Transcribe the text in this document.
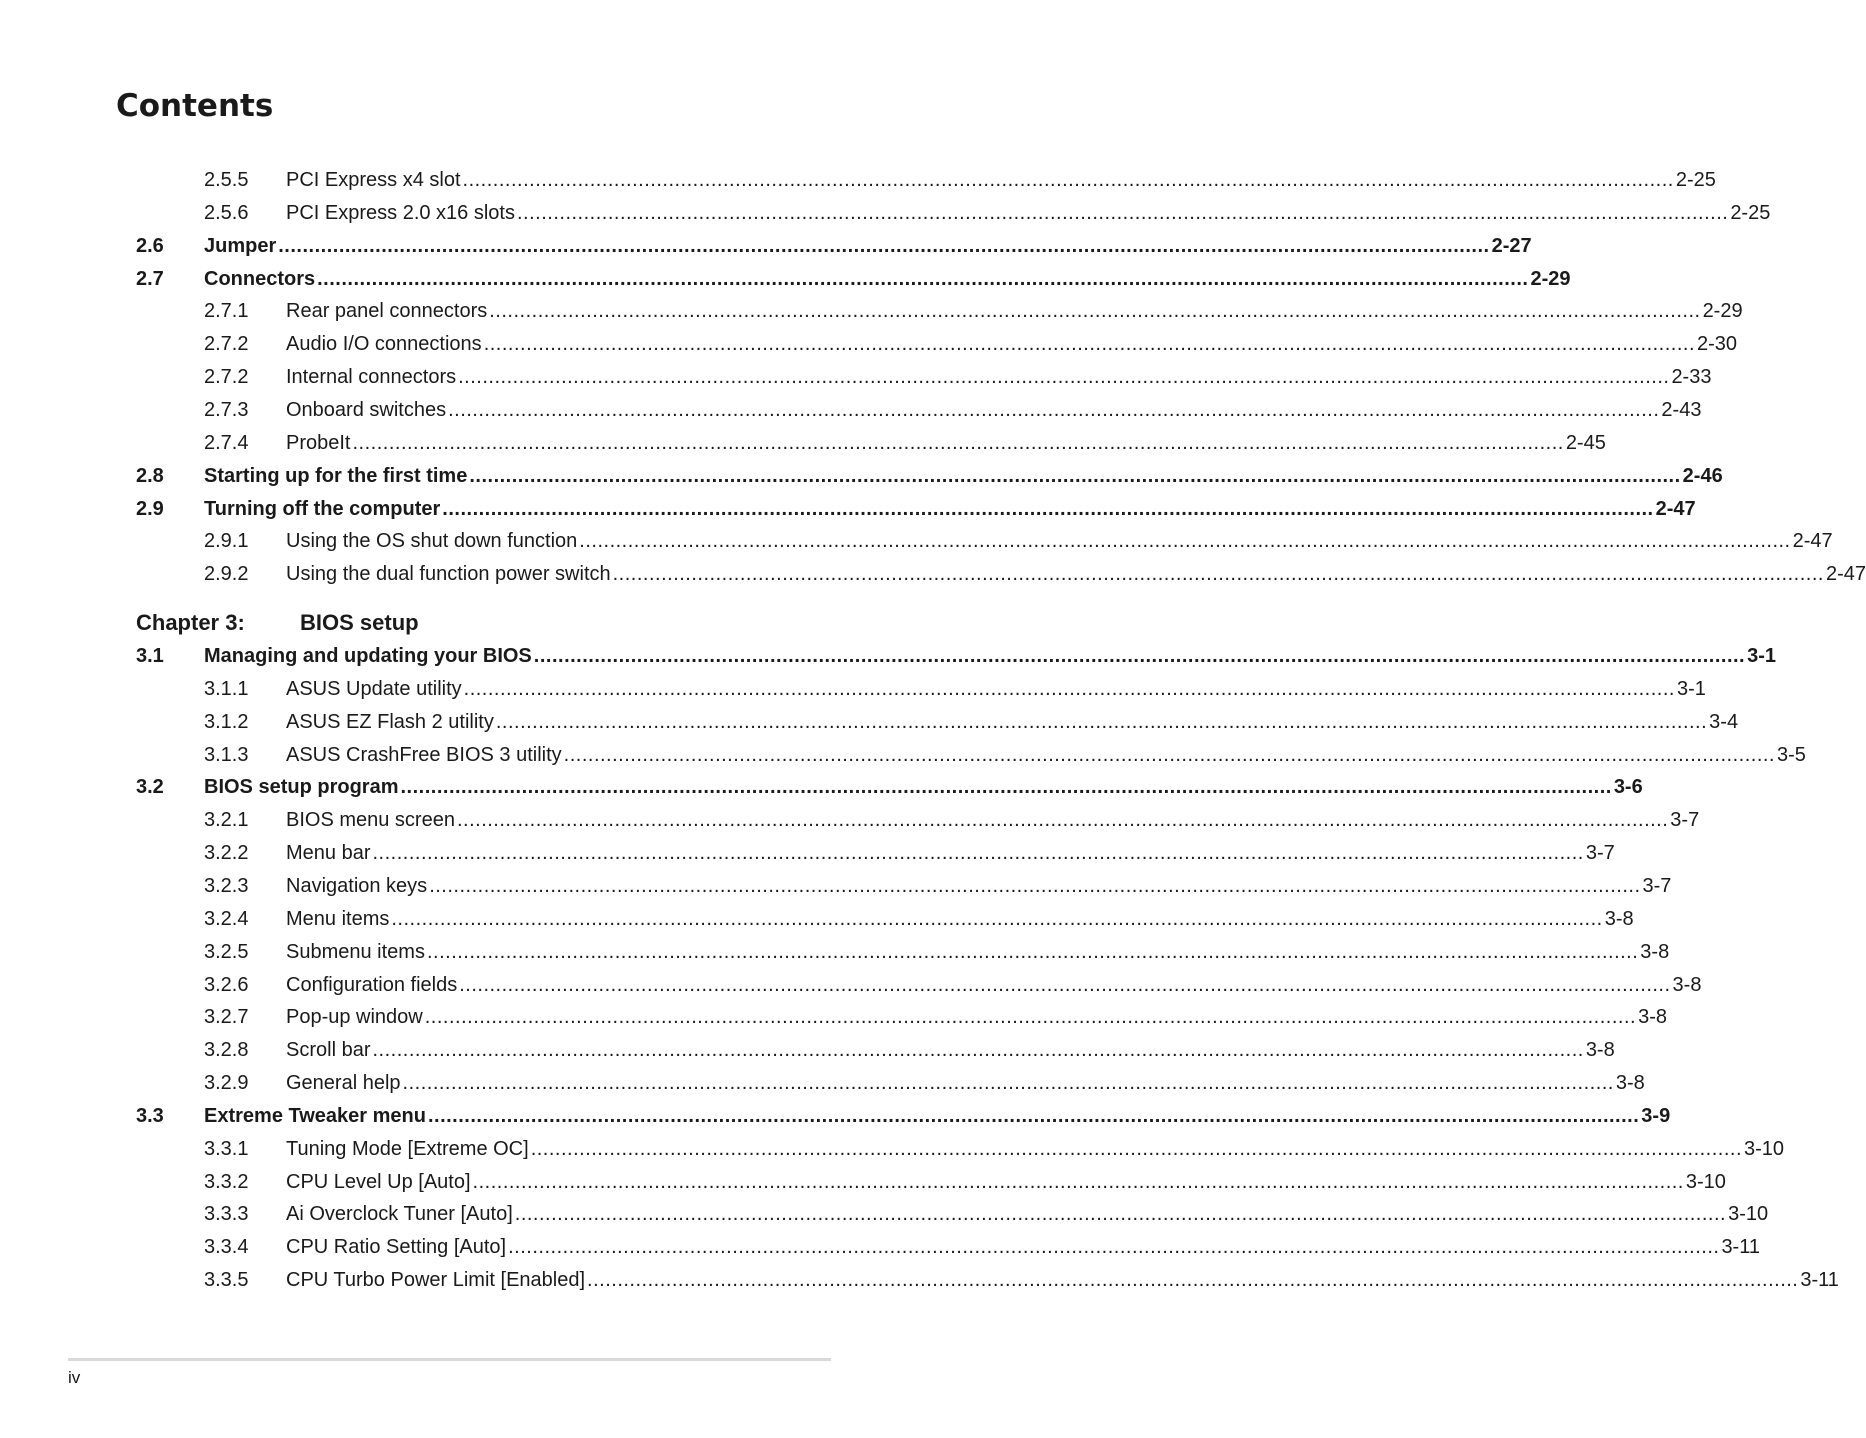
Contents
2.5.5 PCI Express x4 slot ........................................................................................................................................................................................................ 2-25
2.5.6 PCI Express 2.0 x16 slots ........................................................................................................................................................................................................ 2-25
2.6 Jumper ........................................................................................................................................................................................................ 2-27
2.7 Connectors ........................................................................................................................................................................................................ 2-29
2.7.1 Rear panel connectors ........................................................................................................................................................................................................ 2-29
2.7.2 Audio I/O connections ........................................................................................................................................................................................................ 2-30
2.7.2 Internal connectors ........................................................................................................................................................................................................ 2-33
2.7.3 Onboard switches ........................................................................................................................................................................................................ 2-43
2.7.4 ProbeIt ........................................................................................................................................................................................................ 2-45
2.8 Starting up for the first time ........................................................................................................................................................................................................ 2-46
2.9 Turning off the computer ........................................................................................................................................................................................................ 2-47
2.9.1 Using the OS shut down function ........................................................................................................................................................................................................ 2-47
2.9.2 Using the dual function power switch ........................................................................................................................................................................................................ 2-47
Chapter 3:	BIOS setup
3.1 Managing and updating your BIOS ........................................................................................................................................................................................................ 3-1
3.1.1 ASUS Update utility ........................................................................................................................................................................................................ 3-1
3.1.2 ASUS EZ Flash 2 utility ........................................................................................................................................................................................................ 3-4
3.1.3 ASUS CrashFree BIOS 3 utility ........................................................................................................................................................................................................ 3-5
3.2 BIOS setup program ........................................................................................................................................................................................................ 3-6
3.2.1 BIOS menu screen ........................................................................................................................................................................................................ 3-7
3.2.2 Menu bar ........................................................................................................................................................................................................ 3-7
3.2.3 Navigation keys ........................................................................................................................................................................................................ 3-7
3.2.4 Menu items ........................................................................................................................................................................................................ 3-8
3.2.5 Submenu items ........................................................................................................................................................................................................ 3-8
3.2.6 Configuration fields ........................................................................................................................................................................................................ 3-8
3.2.7 Pop-up window ........................................................................................................................................................................................................ 3-8
3.2.8 Scroll bar ........................................................................................................................................................................................................ 3-8
3.2.9 General help ........................................................................................................................................................................................................ 3-8
3.3 Extreme Tweaker menu ........................................................................................................................................................................................................ 3-9
3.3.1 Tuning Mode [Extreme OC] ........................................................................................................................................................................................................ 3-10
3.3.2 CPU Level Up [Auto] ........................................................................................................................................................................................................ 3-10
3.3.3 Ai Overclock Tuner [Auto] ........................................................................................................................................................................................................ 3-10
3.3.4 CPU Ratio Setting [Auto] ........................................................................................................................................................................................................ 3-11
3.3.5 CPU Turbo Power Limit [Enabled] ........................................................................................................................................................................................................ 3-11
iv
